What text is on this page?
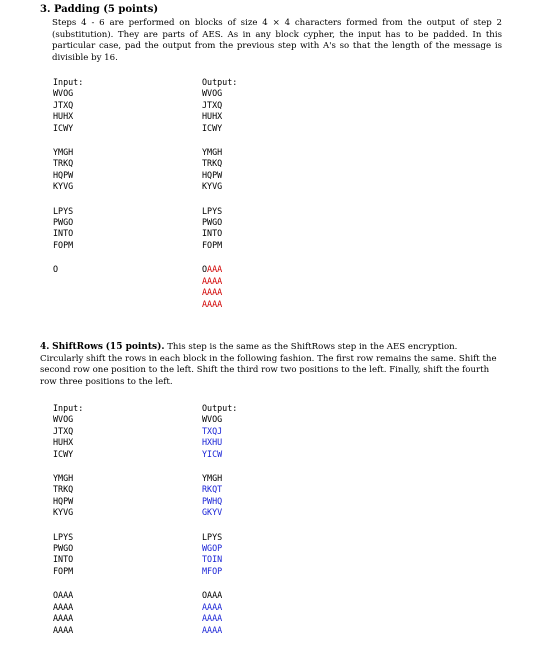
3. Padding (5 points)

Steps 4 - 6 are performed on blocks of size 4 × 4 characters formed from the output of step 2 (substitution). They are parts of AES. As in any block cypher, the input has to be padded. In this particular case, pad the output from the previous step with A's so that the length of the message is divisible by 16.

Input:
WVOG
JTXQ
HUHX
ICWY
YMGH
TRKQ
HQPW
KYVG
LPYS
PWGO
INTO
FOPM
O
Output:
WVOG
JTXQ
HUHX
ICWY
YMGH
TRKQ
HQPW
KYVG
LPYS
PWGO
INTO
FOPM
OAAA
AAAA
AAAA
AAAA

4. ShiftRows (15 points). This step is the same as the ShiftRows step in the AES encryption. Circularly shift the rows in each block in the following fashion. The first row remains the same. Shift the second row one position to the left. Shift the third row two positions to the left. Finally, shift the fourth row three positions to the left.

Input:
WVOG
JTXQ
HUHX
ICWY
YMGH
TRKQ
HQPW
KYVG
LPYS
PWGO
INTO
FOPM
OAAA
AAAA
AAAA
AAAA
Output:
WVOG
TXQJ
HXHU
YICW
YMGH
RKQT
PWHQ
GKYV
LPYS
WGOP
TOIN
MFOP
OAAA
AAAA
AAAA
AAAA
